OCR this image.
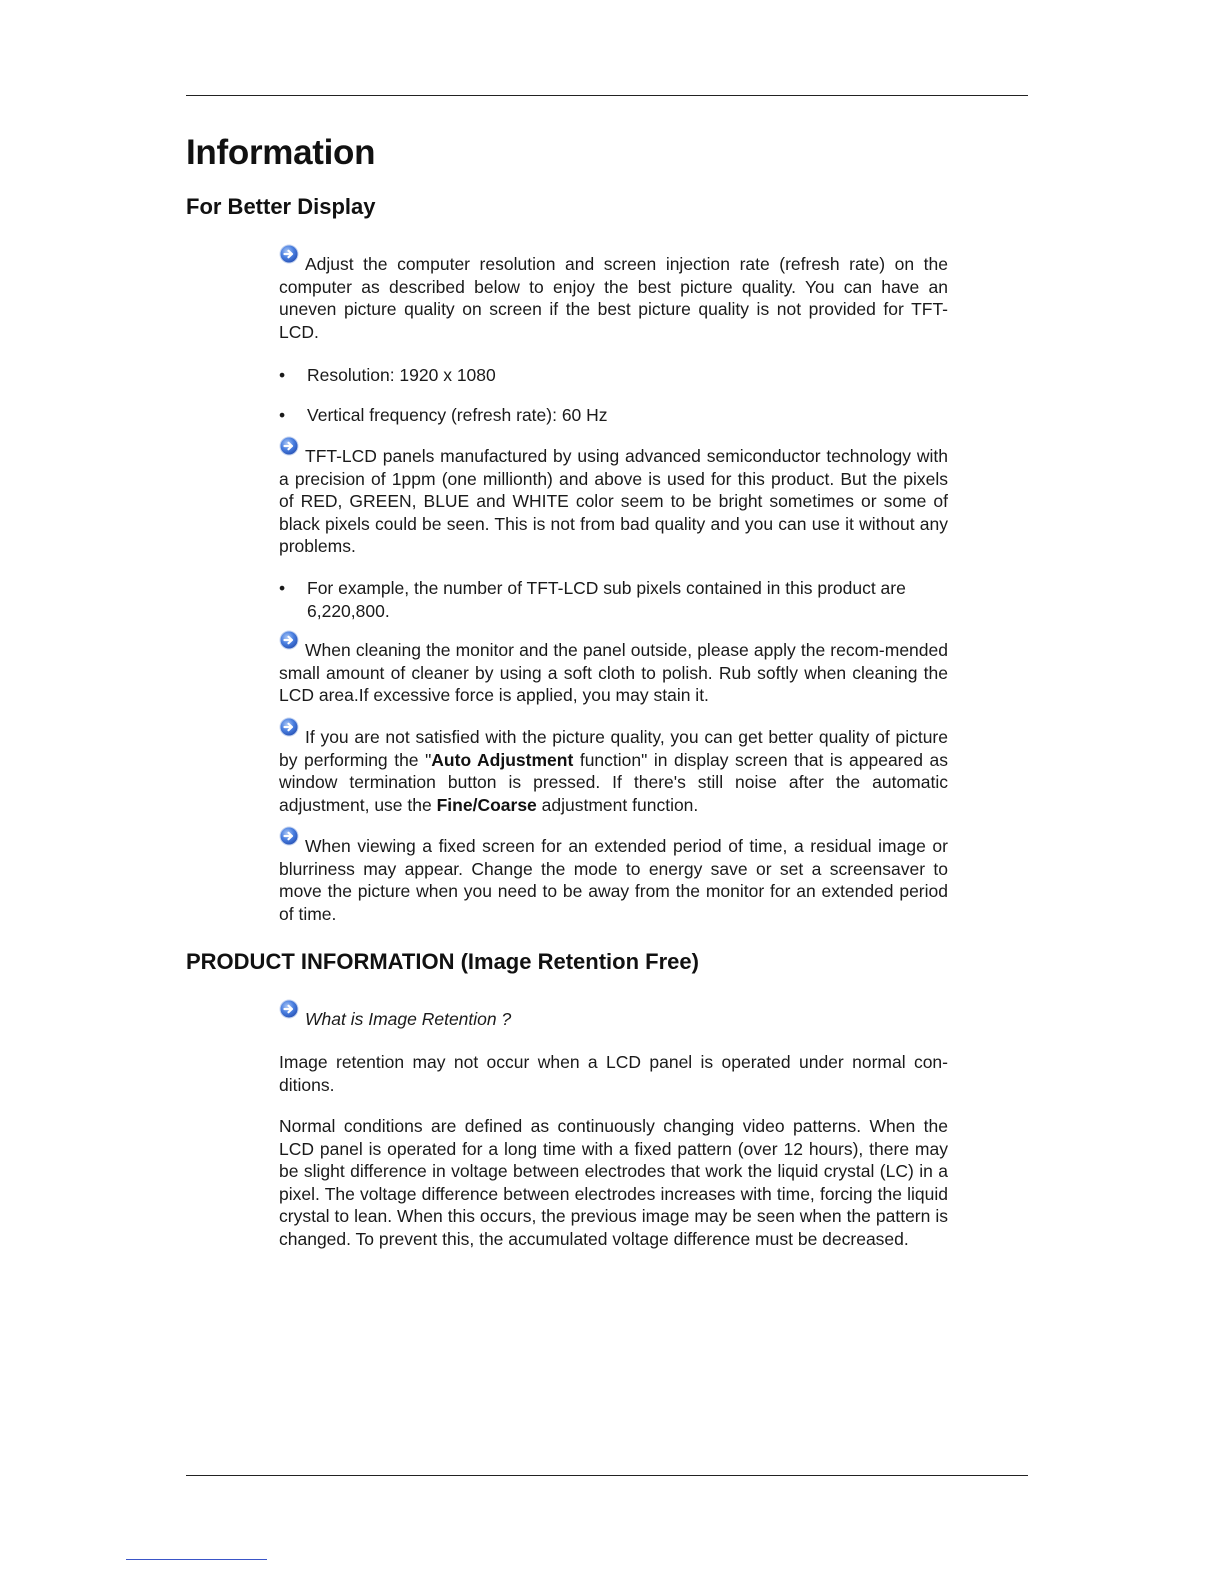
Information
For Better Display

Adjust the computer resolution and screen injection rate (refresh rate) on the computer as described below to enjoy the best picture quality. You can have an uneven picture quality on screen if the best picture quality is not provided for TFT-LCD.

• Resolution: 1920 x 1080
• Vertical frequency (refresh rate): 60 Hz

TFT-LCD panels manufactured by using advanced semiconductor technology with a precision of 1ppm (one millionth) and above is used for this product. But the pixels of RED, GREEN, BLUE and WHITE color seem to be bright sometimes or some of black pixels could be seen. This is not from bad quality and you can use it without any problems.

• For example, the number of TFT-LCD sub pixels contained in this product are 6,220,800.

When cleaning the monitor and the panel outside, please apply the recom-mended small amount of cleaner by using a soft cloth to polish. Rub softly when cleaning the LCD area.If excessive force is applied, you may stain it.

If you are not satisfied with the picture quality, you can get better quality of picture by performing the "Auto Adjustment function" in display screen that is appeared as window termination button is pressed. If there's still noise after the automatic adjustment, use the Fine/Coarse adjustment function.

When viewing a fixed screen for an extended period of time, a residual image or blurriness may appear. Change the mode to energy save or set a screensaver to move the picture when you need to be away from the monitor for an extended period of time.

PRODUCT INFORMATION (Image Retention Free)

What is Image Retention ?

Image retention may not occur when a LCD panel is operated under normal con-ditions.

Normal conditions are defined as continuously changing video patterns. When the LCD panel is operated for a long time with a fixed pattern (over 12 hours), there may be slight difference in voltage between electrodes that work the liquid crystal (LC) in a pixel. The voltage difference between electrodes increases with time, forcing the liquid crystal to lean. When this occurs, the previous image may be seen when the pattern is changed. To prevent this, the accumulated voltage difference must be decreased.
